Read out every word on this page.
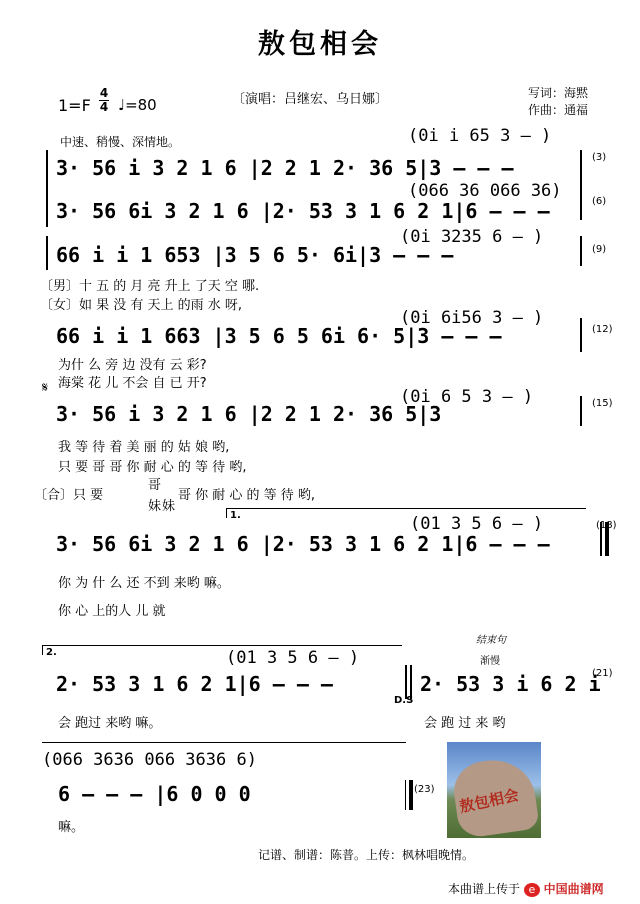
敖包相会
$1=F \frac{4}{4}$ ♩=80	〔演唱：吕继宏、乌日娜〕	写词：海黙
作曲：通福
中速、稍慢、深情地。	(0i i 65 3 – )
3· 56 i 3 2 1 6 |2 2 1 2· 36 5|3 – – –	(3)
(066 36 066 36)
3· 56 6i 3 2 1 6 |2· 53 3 1 6 2 1|6 – – –	(6)
(0i 3235 6 – )
66 i i 1 653 |3 5 6 5· 6i|3 – – –	(9)
〔男〕十 五 的 月 亮 升上 了天 空 哪.
〔女〕如 果 没 有 天上 的雨 水 呀,
(0i 6i56 3 – )
66 i i 1 663 |3 5 6 5 6i 6· 5|3 – – –	(12)
为什 么 旁 边 没有 云 彩?
海棠 花 儿 不会 自 已 开?
𝄋	(0i 6 5 3 – )
3· 56 i 3 2 1 6 |2 2 1 2· 36 5|3	(15)
我 等 待 着 美 丽 的 姑 娘 哟,
只 要 哥 哥 你 耐 心 的 等 待 哟,
〔合〕只 要
哥
哥 你 耐 心 的 等 待 哟,
妹 妹
1.	(01 3 5 6 – )
3· 56 6i 3 2 1 6 |2· 53 3 1 6 2 1|6 – – –
(18)
你 为 什 么 还 不到 来哟 嘛。
你 心 上的人 儿 就
2.
结束句
渐慢
(01 3 5 6 – )
2· 53 3 1 6 2 1|6 – – –
D.S
2· 53 3 i 6 2 i
(21)
会 跑过 来哟 嘛。	会 跑 过 来 哟
(066 3636 066 3636 6)
6 – – – |6 0 0 0	(23)
嘛。
敖包相会
记谱、制谱：陈普。上传：枫林唱晚情。
本曲谱上传于 e 中国曲谱网
